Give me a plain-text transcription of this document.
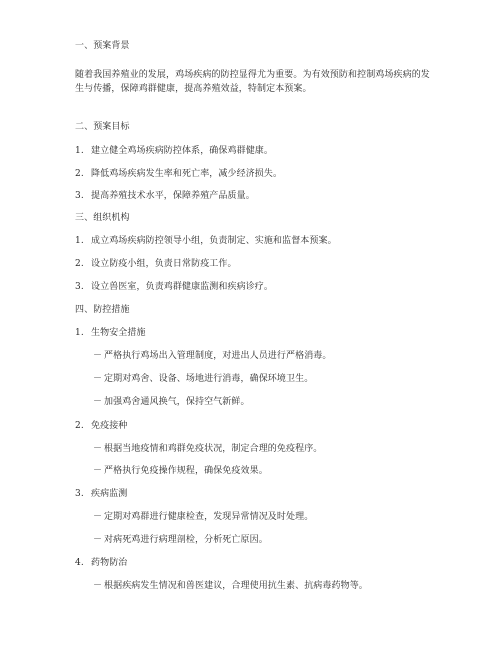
一、预案背景
随着我国养殖业的发展，鸡场疾病的防控显得尤为重要。为有效预防和控制鸡场疾病的发生与传播，保障鸡群健康，提高养殖效益，特制定本预案。
二、预案目标
1. 建立健全鸡场疾病防控体系，确保鸡群健康。
2. 降低鸡场疾病发生率和死亡率，减少经济损失。
3. 提高养殖技术水平，保障养殖产品质量。
三、组织机构
1. 成立鸡场疾病防控领导小组，负责制定、实施和监督本预案。
2. 设立防疫小组，负责日常防疫工作。
3. 设立兽医室，负责鸡群健康监测和疾病诊疗。
四、防控措施
1. 生物安全措施
－ 严格执行鸡场出入管理制度，对进出人员进行严格消毒。
－ 定期对鸡舍、设备、场地进行消毒，确保环境卫生。
－ 加强鸡舍通风换气，保持空气新鲜。
2. 免疫接种
－ 根据当地疫情和鸡群免疫状况，制定合理的免疫程序。
－ 严格执行免疫操作规程，确保免疫效果。
3. 疾病监测
－ 定期对鸡群进行健康检查，发现异常情况及时处理。
－ 对病死鸡进行病理剖检，分析死亡原因。
4. 药物防治
－ 根据疾病发生情况和兽医建议，合理使用抗生素、抗病毒药物等。
